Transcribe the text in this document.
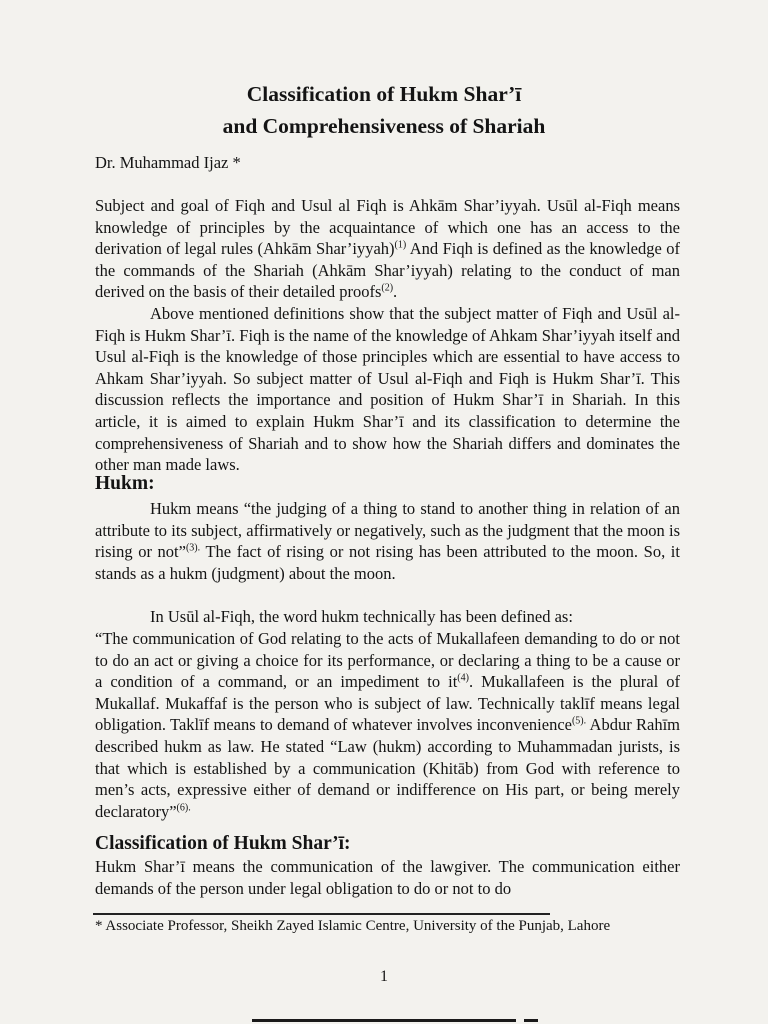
Classification of Hukm Shar’ī
and Comprehensiveness of Shariah
Dr. Muhammad Ijaz *

Subject and goal of Fiqh and Usul al Fiqh is Ahkām Shar’iyyah. Usūl al-Fiqh means knowledge of principles by the acquaintance of which one has an access to the derivation of legal rules (Ahkām Shar’iyyah)$^{(1)}$ And Fiqh is defined as the knowledge of the commands of the Shariah (Ahkām Shar’iyyah) relating to the conduct of man derived on the basis of their detailed proofs$^{(2)}$.

Above mentioned definitions show that the subject matter of Fiqh and Usūl al-Fiqh is Hukm Shar’ī. Fiqh is the name of the knowledge of Ahkam Shar’iyyah itself and Usul al-Fiqh is the knowledge of those principles which are essential to have access to Ahkam Shar’iyyah. So subject matter of Usul al-Fiqh and Fiqh is Hukm Shar’ī. This discussion reflects the importance and position of Hukm Shar’ī in Shariah. In this article, it is aimed to explain Hukm Shar’ī and its classification to determine the comprehensiveness of Shariah and to show how the Shariah differs and dominates the other man made laws.

Hukm:

Hukm means “the judging of a thing to stand to another thing in relation of an attribute to its subject, affirmatively or negatively, such as the judgment that the moon is rising or not”$^{(3).}$ The fact of rising or not rising has been attributed to the moon. So, it stands as a hukm (judgment) about the moon.

In Usūl al-Fiqh, the word hukm technically has been defined as:

“The communication of God relating to the acts of Mukallafeen demanding to do or not to do an act or giving a choice for its performance, or declaring a thing to be a cause or a condition of a command, or an impediment to $it^{(4)}$. Mukallafeen is the plural of Mukallaf. Mukaffaf is the person who is subject of law. Technically taklīf means legal obligation. Taklīf means to demand of whatever involves inconvenience$^{(5).}$ Abdur Rahīm described hukm as law. He stated “Law (hukm) according to Muhammadan jurists, is that which is established by a communication (Khitāb) from God with reference to men’s acts, expressive either of demand or indifference on His part, or being merely declaratory”$^{(6).}$

Classification of Hukm Shar’ī:

Hukm Shar’ī means the communication of the lawgiver. The communication either demands of the person under legal obligation to do or not to do

* Associate Professor, Sheikh Zayed Islamic Centre, University of the Punjab, Lahore
1
